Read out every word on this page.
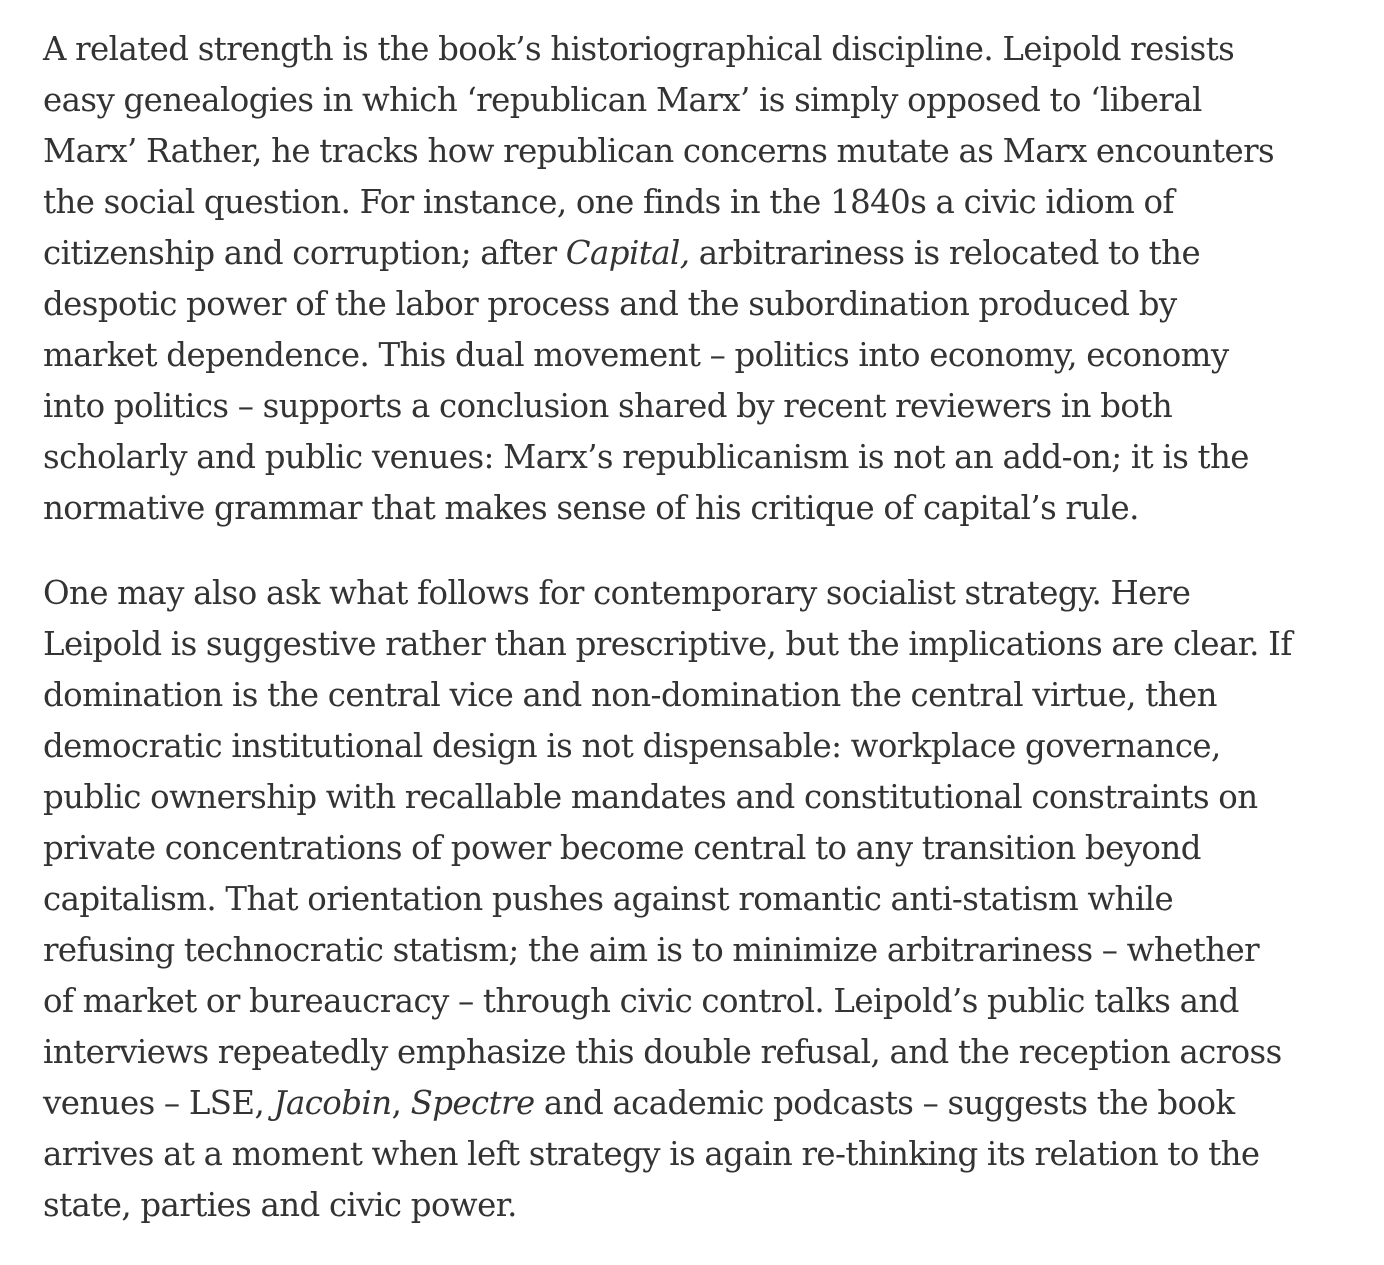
A related strength is the book’s historiographical discipline. Leipold resists
easy genealogies in which ‘republican Marx’ is simply opposed to ‘liberal
Marx’ Rather, he tracks how republican concerns mutate as Marx encounters
the social question. For instance, one finds in the 1840s a civic idiom of
citizenship and corruption; after Capital, arbitrariness is relocated to the
despotic power of the labor process and the subordination produced by
market dependence. This dual movement – politics into economy, economy
into politics – supports a conclusion shared by recent reviewers in both
scholarly and public venues: Marx’s republicanism is not an add-on; it is the
normative grammar that makes sense of his critique of capital’s rule.

One may also ask what follows for contemporary socialist strategy. Here
Leipold is suggestive rather than prescriptive, but the implications are clear. If
domination is the central vice and non-domination the central virtue, then
democratic institutional design is not dispensable: workplace governance,
public ownership with recallable mandates and constitutional constraints on
private concentrations of power become central to any transition beyond
capitalism. That orientation pushes against romantic anti-statism while
refusing technocratic statism; the aim is to minimize arbitrariness – whether
of market or bureaucracy – through civic control. Leipold’s public talks and
interviews repeatedly emphasize this double refusal, and the reception across
venues – LSE, Jacobin, Spectre and academic podcasts – suggests the book
arrives at a moment when left strategy is again re-thinking its relation to the
state, parties and civic power.
